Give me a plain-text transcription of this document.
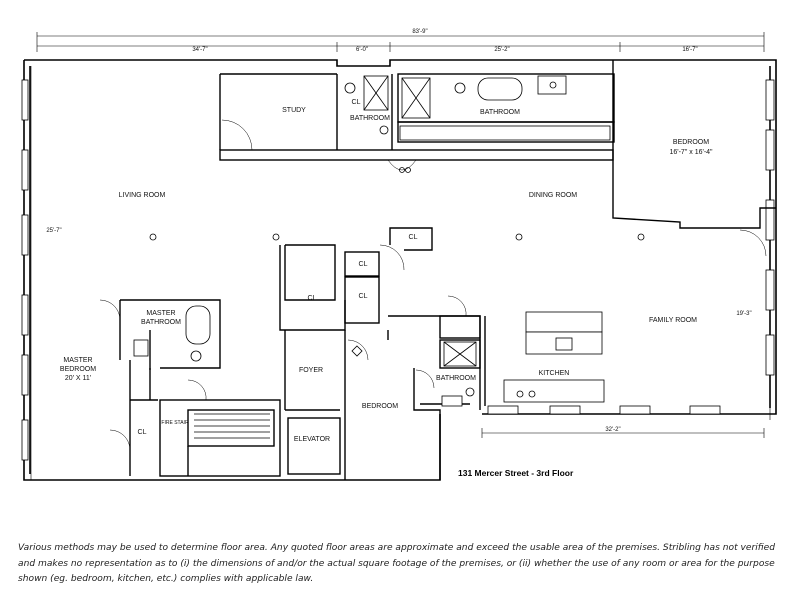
83'-9"
34'-7"	6'-0"	25'-2"	16'-7"
25'-7"
19'-3"
32'-2"
LIVING ROOM
STUDY
BATHROOM
BATHROOM
BEDROOM
16'-7" x 16'-4"
DINING ROOM
FAMILY ROOM
KITCHEN
BATHROOM
BEDROOM
FOYER
ELEVATOR
FIRE STAIR
MASTER
BATHROOM
MASTER
BEDROOM
20' X 11'
CL
CL
CL
CL	CL
CL
131 Mercer Street - 3rd Floor
Various methods may be used to determine floor area. Any quoted floor areas are approximate and exceed the usable area of the premises. Stribling has not verified and makes no representation as to (i) the dimensions of and/or the actual square footage of the premises, or (ii) whether the use of any room or area for the purpose shown (eg. bedroom, kitchen, etc.) complies with applicable law.
